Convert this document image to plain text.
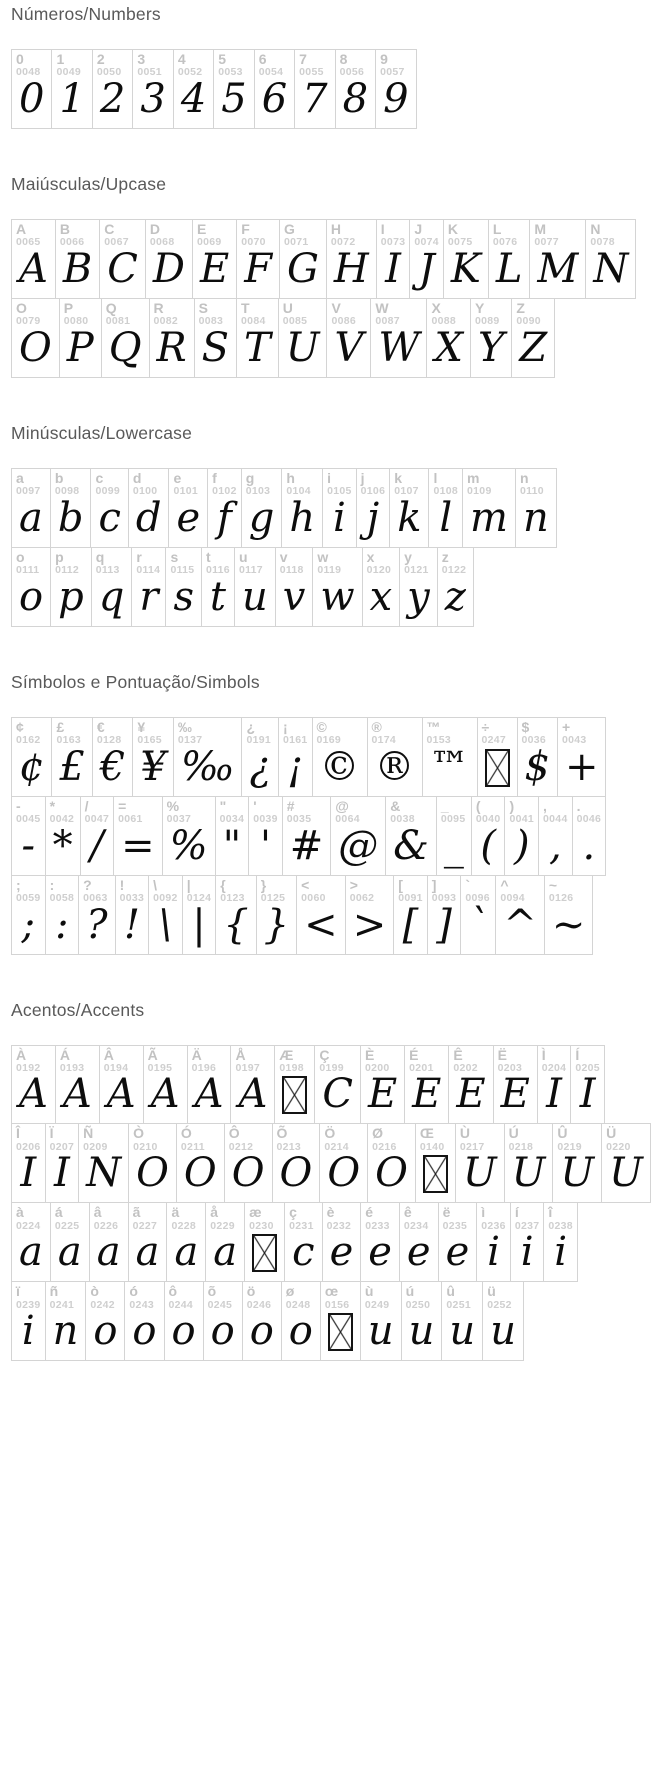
Números/Numbers
0
0048
0
1
0049
1
2
0050
2
3
0051
3
4
0052
4
5
0053
5
6
0054
6
7
0055
7
8
0056
8
9
0057
9
Maiúsculas/Upcase
A
0065
A
B
0066
B
C
0067
C
D
0068
D
E
0069
E
F
0070
F
G
0071
G
H
0072
H
I
0073
I
J
0074
J
K
0075
K
L
0076
L
M
0077
M
N
0078
N
O
0079
O
P
0080
P
Q
0081
Q
R
0082
R
S
0083
S
T
0084
T
U
0085
U
V
0086
V
W
0087
W
X
0088
X
Y
0089
Y
Z
0090
Z
Minúsculas/Lowercase
a
0097
a
b
0098
b
c
0099
c
d
0100
d
e
0101
e
f
0102
f
g
0103
g
h
0104
h
i
0105
i
j
0106
j
k
0107
k
l
0108
l
m
0109
m
n
0110
n
o
0111
o
p
0112
p
q
0113
q
r
0114
r
s
0115
s
t
0116
t
u
0117
u
v
0118
v
w
0119
w
x
0120
x
y
0121
y
z
0122
z
Símbolos e Pontuação/Simbols
¢
0162
¢
£
0163
£
€
0128
€
¥
0165
¥
‰
0137
‰
¿
0191
¿
¡
0161
¡
©
0169
©
®
0174
®
™
0153
™
÷
0247
$
0036
$
+
0043
+
-
0045
-
*
0042
*
/
0047
/
=
0061
=
%
0037
%
"
0034
"
'
0039
'
#
0035
#
@
0064
@
&
0038
&
_
0095
_
(
0040
(
)
0041
)
,
0044
,
.
0046
.
;
0059
;
:
0058
:
?
0063
?
!
0033
!
\
0092
\
|
0124
|
{
0123
{
}
0125
}
<
0060
<
>
0062
>
[
0091
[
]
0093
]
`
0096
`
^
0094
^
~
0126
~
Acentos/Accents
À
0192
A
Á
0193
A
Â
0194
A
Ã
0195
A
Ä
0196
A
Å
0197
A
Æ
0198
Ç
0199
C
È
0200
E
É
0201
E
Ê
0202
E
Ë
0203
E
Ì
0204
I
Í
0205
I
Î
0206
I
Ï
0207
I
Ñ
0209
N
Ò
0210
O
Ó
0211
O
Ô
0212
O
Õ
0213
O
Ö
0214
O
Ø
0216
O
Œ
0140
Ù
0217
U
Ú
0218
U
Û
0219
U
Ü
0220
U
à
0224
a
á
0225
a
â
0226
a
ã
0227
a
ä
0228
a
å
0229
a
æ
0230
ç
0231
c
è
0232
e
é
0233
e
ê
0234
e
ë
0235
e
ì
0236
i
í
0237
i
î
0238
i
ï
0239
i
ñ
0241
n
ò
0242
o
ó
0243
o
ô
0244
o
õ
0245
o
ö
0246
o
ø
0248
o
œ
0156
ù
0249
u
ú
0250
u
û
0251
u
ü
0252
u
